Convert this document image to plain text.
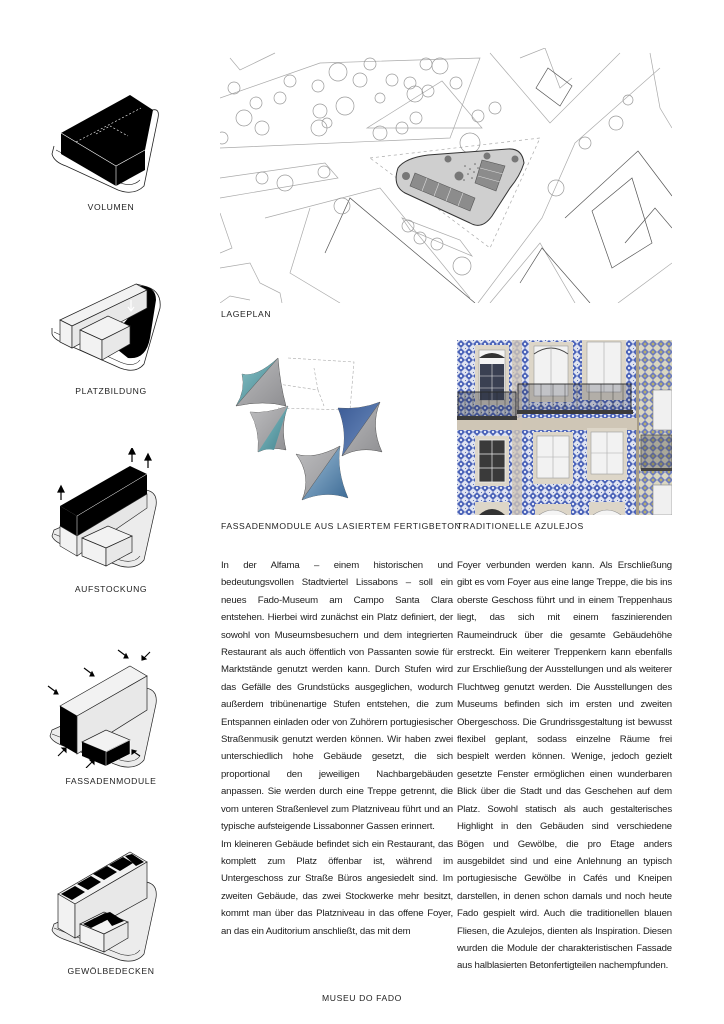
VOLUMEN
PLATZBILDUNG
AUFSTOCKUNG
FASSADENMODULE
GEWÖLBEDECKEN
LAGEPLAN
FASSADENMODULE AUS LASIERTEM FERTIGBETON
TRADITIONELLE AZULEJOS

In der Alfama – einem historischen und bedeutungsvollen Stadtviertel Lissabons – soll ein neues Fado-Museum am Campo Santa Clara entstehen. Hierbei wird zunächst ein Platz definiert, der sowohl von Museumsbesuchern und dem integrierten Restaurant als auch öffentlich von Passanten sowie für Marktstände genutzt werden kann. Durch Stufen wird das Gefälle des Grundstücks ausgeglichen, wodurch außerdem tribünenartige Stufen entstehen, die zum Entspannen einladen oder von Zuhörern portugiesischer Straßenmusik genutzt werden können. Wir haben zwei unterschiedlich hohe Gebäude gesetzt, die sich proportional den jeweiligen Nachbargebäuden anpassen. Sie werden durch eine Treppe getrennt, die vom unteren Straßenlevel zum Platzniveau führt und an typische aufsteigende Lissabonner Gassen erinnert.

Im kleineren Gebäude befindet sich ein Restaurant, das komplett zum Platz öffenbar ist, während im Untergeschoss zur Straße Büros angesiedelt sind. Im zweiten Gebäude, das zwei Stockwerke mehr besitzt, kommt man über das Platzniveau in das offene Foyer, an das ein Auditorium anschließt, das mit dem

Foyer verbunden werden kann. Als Erschließung gibt es vom Foyer aus eine lange Treppe, die bis ins oberste Geschoss führt und in einem Treppenhaus liegt, das sich mit einem faszinierenden Raumeindruck über die gesamte Gebäudehöhe erstreckt. Ein weiterer Treppenkern kann ebenfalls zur Erschließung der Ausstellungen und als weiterer Fluchtweg genutzt werden. Die Ausstellungen des Museums befinden sich im ersten und zweiten Obergeschoss. Die Grundrissgestaltung ist bewusst flexibel geplant, sodass einzelne Räume frei bespielt werden können. Wenige, jedoch gezielt gesetzte Fenster ermöglichen einen wunderbaren Blick über die Stadt und das Geschehen auf dem Platz. Sowohl statisch als auch gestalterisches Highlight in den Gebäuden sind verschiedene Bögen und Gewölbe, die pro Etage anders ausgebildet sind und eine Anlehnung an typisch portugiesische Gewölbe in Cafés und Kneipen darstellen, in denen schon damals und noch heute Fado gespielt wird. Auch die traditionellen blauen Fliesen, die Azulejos, dienten als Inspiration. Diesen wurden die Module der charakteristischen Fassade aus halblasierten Betonfertigteilen nachempfunden.

MUSEU DO FADO
